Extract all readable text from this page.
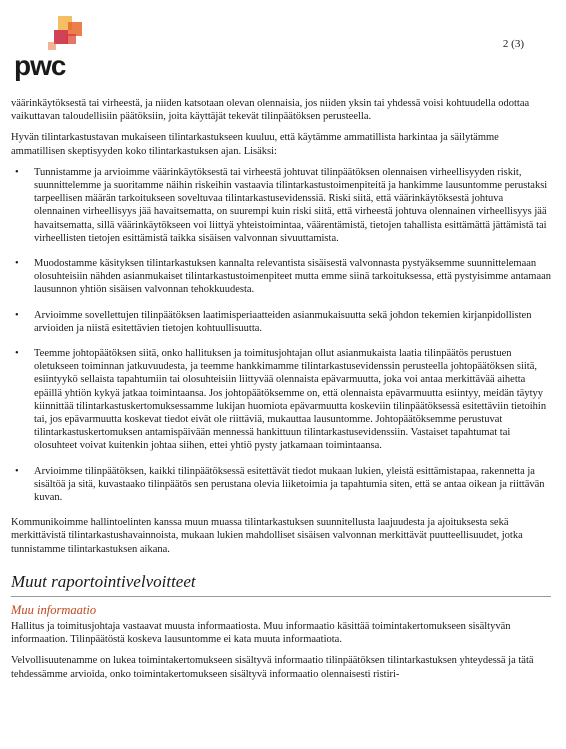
pwc
2 (3)

väärinkäytöksestä tai virheestä, ja niiden katsotaan olevan olennaisia, jos niiden yksin tai yhdessä voisi kohtuudella odottaa vaikuttavan taloudellisiin päätöksiin, joita käyttäjät tekevät tilinpäätöksen perusteella.

Hyvän tilintarkastustavan mukaiseen tilintarkastukseen kuuluu, että käytämme ammatillista harkintaa ja säilytämme ammatillisen skeptisyyden koko tilintarkastuksen ajan. Lisäksi:

• Tunnistamme ja arvioimme väärinkäytöksestä tai virheestä johtuvat tilinpäätöksen olennaisen virheellisyyden riskit, suunnittelemme ja suoritamme näihin riskeihin vastaavia tilintarkastustoimenpiteitä ja hankimme lausuntomme perustaksi tarpeellisen määrän tarkoitukseen soveltuvaa tilintarkastusevidenssiä. Riski siitä, että väärinkäytöksestä johtuva olennainen virheellisyys jää havaitsematta, on suurempi kuin riski siitä, että virheestä johtuva olennainen virheellisyys jää havaitsematta, sillä väärinkäytökseen voi liittyä yhteistoimintaa, väärentämistä, tietojen tahallista esittämättä jättämistä tai virheellisten tietojen esittämistä taikka sisäisen valvonnan sivuuttamista.
• Muodostamme käsityksen tilintarkastuksen kannalta relevantista sisäisestä valvonnasta pystyäksemme suunnittelemaan olosuhteisiin nähden asianmukaiset tilintarkastustoimenpiteet mutta emme siinä tarkoituksessa, että pystyisimme antamaan lausunnon yhtiön sisäisen valvonnan tehokkuudesta.
• Arvioimme sovellettujen tilinpäätöksen laatimisperiaatteiden asianmukaisuutta sekä johdon tekemien kirjanpidollisten arvioiden ja niistä esitettävien tietojen kohtuullisuutta.
• Teemme johtopäätöksen siitä, onko hallituksen ja toimitusjohtajan ollut asianmukaista laatia tilinpäätös perustuen oletukseen toiminnan jatkuvuudesta, ja teemme hankkimamme tilintarkastusevidenssin perusteella johtopäätöksen siitä, esiintyykö sellaista tapahtumiin tai olosuhteisiin liittyvää olennaista epävarmuutta, joka voi antaa merkittävää aihetta epäillä yhtiön kykyä jatkaa toimintaansa. Jos johtopäätöksemme on, että olennaista epävarmuutta esiintyy, meidän täytyy kiinnittää tilintarkastuskertomuksessamme lukijan huomiota epävarmuutta koskeviin tilinpäätöksessä esitettäviin tietoihin tai, jos epävarmuutta koskevat tiedot eivät ole riittäviä, mukauttaa lausuntomme. Johtopäätöksemme perustuvat tilintarkastuskertomuksen antamispäivään mennessä hankittuun tilintarkastusevidenssiin. Vastaiset tapahtumat tai olosuhteet voivat kuitenkin johtaa siihen, ettei yhtiö pysty jatkamaan toimintaansa.
• Arvioimme tilinpäätöksen, kaikki tilinpäätöksessä esitettävät tiedot mukaan lukien, yleistä esittämistapaa, rakennetta ja sisältöä ja sitä, kuvastaako tilinpäätös sen perustana olevia liiketoimia ja tapahtumia siten, että se antaa oikean ja riittävän kuvan.

Kommunikoimme hallintoelinten kanssa muun muassa tilintarkastuksen suunnitellusta laajuudesta ja ajoituksesta sekä merkittävistä tilintarkastushavainnoista, mukaan lukien mahdolliset sisäisen valvonnan merkittävät puutteellisuudet, jotka tunnistamme tilintarkastuksen aikana.

Muut raportointivelvoitteet
Muu informaatio

Hallitus ja toimitusjohtaja vastaavat muusta informaatiosta. Muu informaatio käsittää toimintakertomukseen sisältyvän informaation. Tilinpäätöstä koskeva lausuntomme ei kata muuta informaatiota.

Velvollisuutenamme on lukea toimintakertomukseen sisältyvä informaatio tilinpäätöksen tilintarkastuksen yhteydessä ja tätä tehdessämme arvioida, onko toimintakertomukseen sisältyvä informaatio olennaisesti ristiri-
